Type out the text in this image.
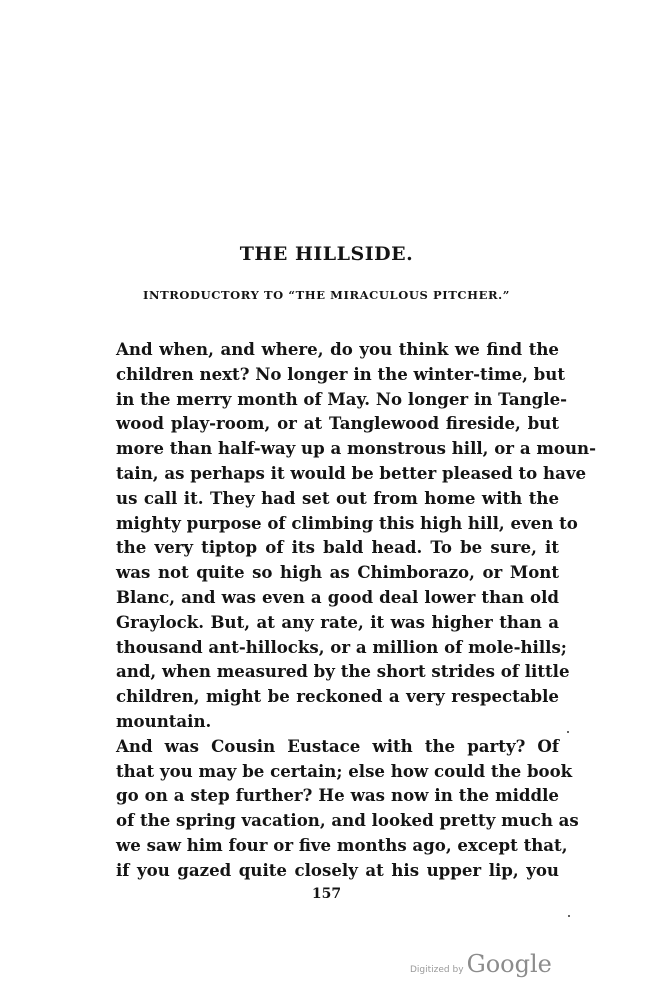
THE HILLSIDE.
INTRODUCTORY TO “THE MIRACULOUS PITCHER.”
And when, and where, do you think we find the
children next? No longer in the winter-time, but
in the merry month of May. No longer in Tangle-
wood play-room, or at Tanglewood fireside, but
more than half-way up a monstrous hill, or a moun-
tain, as perhaps it would be better pleased to have
us call it. They had set out from home with the
mighty purpose of climbing this high hill, even to
the very tiptop of its bald head. To be sure, it
was not quite so high as Chimborazo, or Mont
Blanc, and was even a good deal lower than old
Graylock. But, at any rate, it was higher than a
thousand ant-hillocks, or a million of mole-hills;
and, when measured by the short strides of little
children, might be reckoned a very respectable
mountain.
And was Cousin Eustace with the party? Of
that you may be certain; else how could the book
go on a step further? He was now in the middle
of the spring vacation, and looked pretty much as
we saw him four or five months ago, except that,
if you gazed quite closely at his upper lip, you
157
Digitized by Google
